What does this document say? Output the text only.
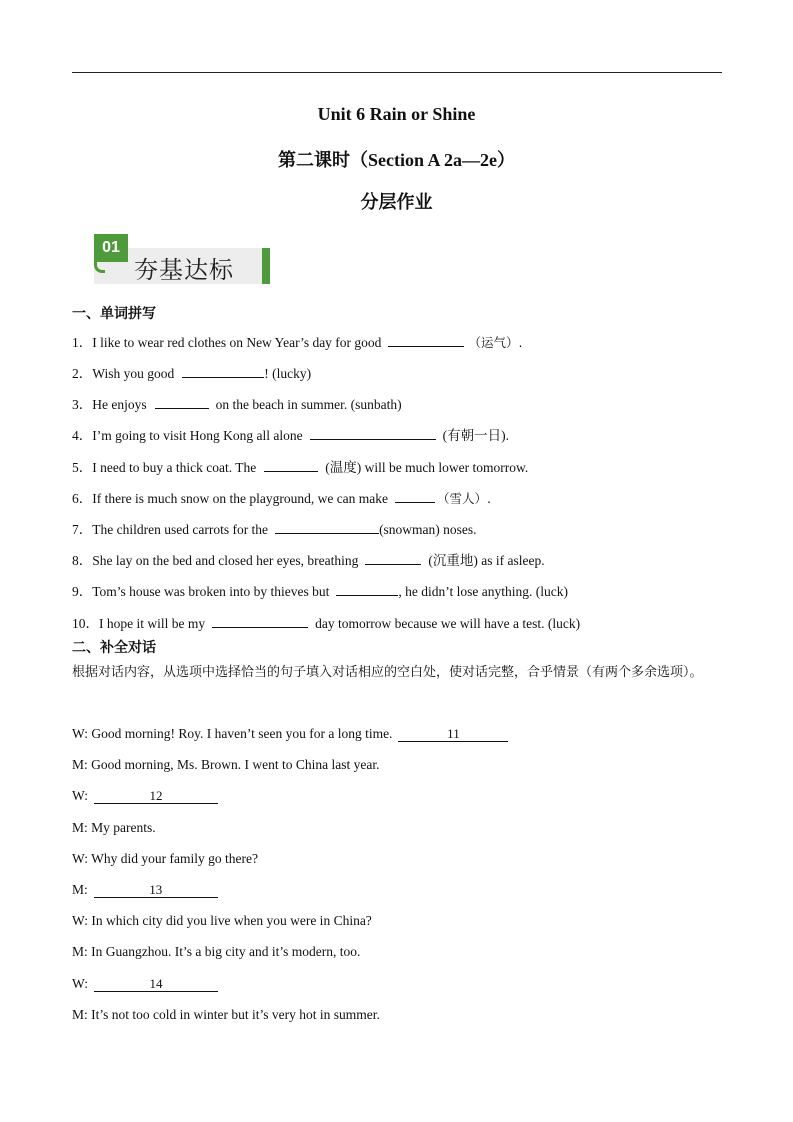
Unit 6 Rain or Shine
第二课时（Section A 2a—2e）
分层作业
01
夯基达标
一、单词拼写
1．I like to wear red clothes on New Year’s day for good	（运气）.
2．Wish you good	! (lucky)
3．He enjoys	on the beach in summer. (sunbath)
4．I’m going to visit Hong Kong all alone	(有朝一日).
5．I need to buy a thick coat. The	(温度) will be much lower tomorrow.
6．If there is much snow on the playground, we can make	（雪人）.
7．The children used carrots for the	(snowman) noses.
8．She lay on the bed and closed her eyes, breathing	(沉重地) as if asleep.
9．Tom’s house was broken into by thieves but	, he didn’t lose anything. (luck)
10．I hope it will be my	day tomorrow because we will have a test. (luck)
二、补全对话
根据对话内容，从选项中选择恰当的句子填入对话相应的空白处，使对话完整，合乎情景（有两个多余选项）。
W: Good morning! Roy. I haven’t seen you for a long time.	11
M: Good morning, Ms. Brown. I went to China last year.
W:	12
M: My parents.
W: Why did your family go there?
M:	13
W: In which city did you live when you were in China?
M: In Guangzhou. It’s a big city and it’s modern, too.
W:	14
M: It’s not too cold in winter but it’s very hot in summer.
